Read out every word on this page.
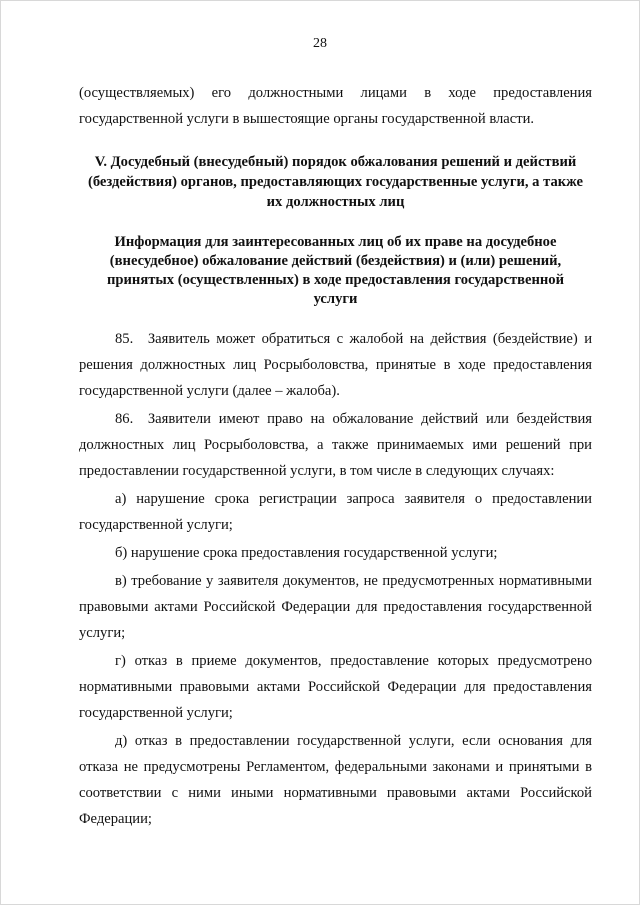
28

(осуществляемых) его должностными лицами в ходе предоставления государственной услуги в вышестоящие органы государственной власти.

V. Досудебный (внесудебный) порядок обжалования решений и действий (бездействия) органов, предоставляющих государственные услуги, а также их должностных лиц
Информация для заинтересованных лиц об их праве на досудебное (внесудебное) обжалование действий (бездействия) и (или) решений, принятых (осуществленных) в ходе предоставления государственной услуги

85. Заявитель может обратиться с жалобой на действия (бездействие) и решения должностных лиц Росрыболовства, принятые в ходе предоставления государственной услуги (далее – жалоба).

86. Заявители имеют право на обжалование действий или бездействия должностных лиц Росрыболовства, а также принимаемых ими решений при предоставлении государственной услуги, в том числе в следующих случаях:

а) нарушение срока регистрации запроса заявителя о предоставлении государственной услуги;

б) нарушение срока предоставления государственной услуги;

в) требование у заявителя документов, не предусмотренных нормативными правовыми актами Российской Федерации для предоставления государственной услуги;

г) отказ в приеме документов, предоставление которых предусмотрено нормативными правовыми актами Российской Федерации для предоставления государственной услуги;

д) отказ в предоставлении государственной услуги, если основания для отказа не предусмотрены Регламентом, федеральными законами и принятыми в соответствии с ними иными нормативными правовыми актами Российской Федерации;
